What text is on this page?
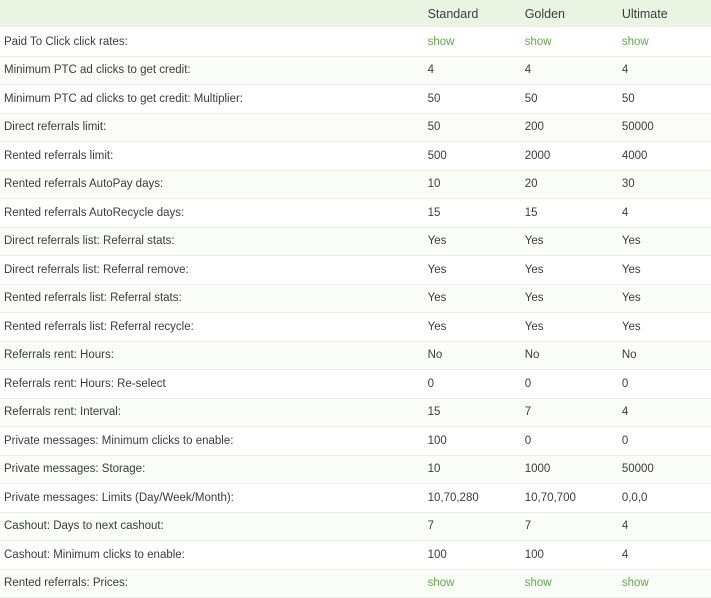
	Standard	Golden	Ultimate
Paid To Click click rates:	show	show	show
Minimum PTC ad clicks to get credit:	4	4	4
Minimum PTC ad clicks to get credit: Multiplier:	50	50	50
Direct referrals limit:	50	200	50000
Rented referrals limit:	500	2000	4000
Rented referrals AutoPay days:	10	20	30
Rented referrals AutoRecycle days:	15	15	4
Direct referrals list: Referral stats:	Yes	Yes	Yes
Direct referrals list: Referral remove:	Yes	Yes	Yes
Rented referrals list: Referral stats:	Yes	Yes	Yes
Rented referrals list: Referral recycle:	Yes	Yes	Yes
Referrals rent: Hours:	No	No	No
Referrals rent: Hours: Re-select	0	0	0
Referrals rent: Interval:	15	7	4
Private messages: Minimum clicks to enable:	100	0	0
Private messages: Storage:	10	1000	50000
Private messages: Limits (Day/Week/Month):	10,70,280	10,70,700	0,0,0
Cashout: Days to next cashout:	7	7	4
Cashout: Minimum clicks to enable:	100	100	4
Rented referrals: Prices:	show	show	show
